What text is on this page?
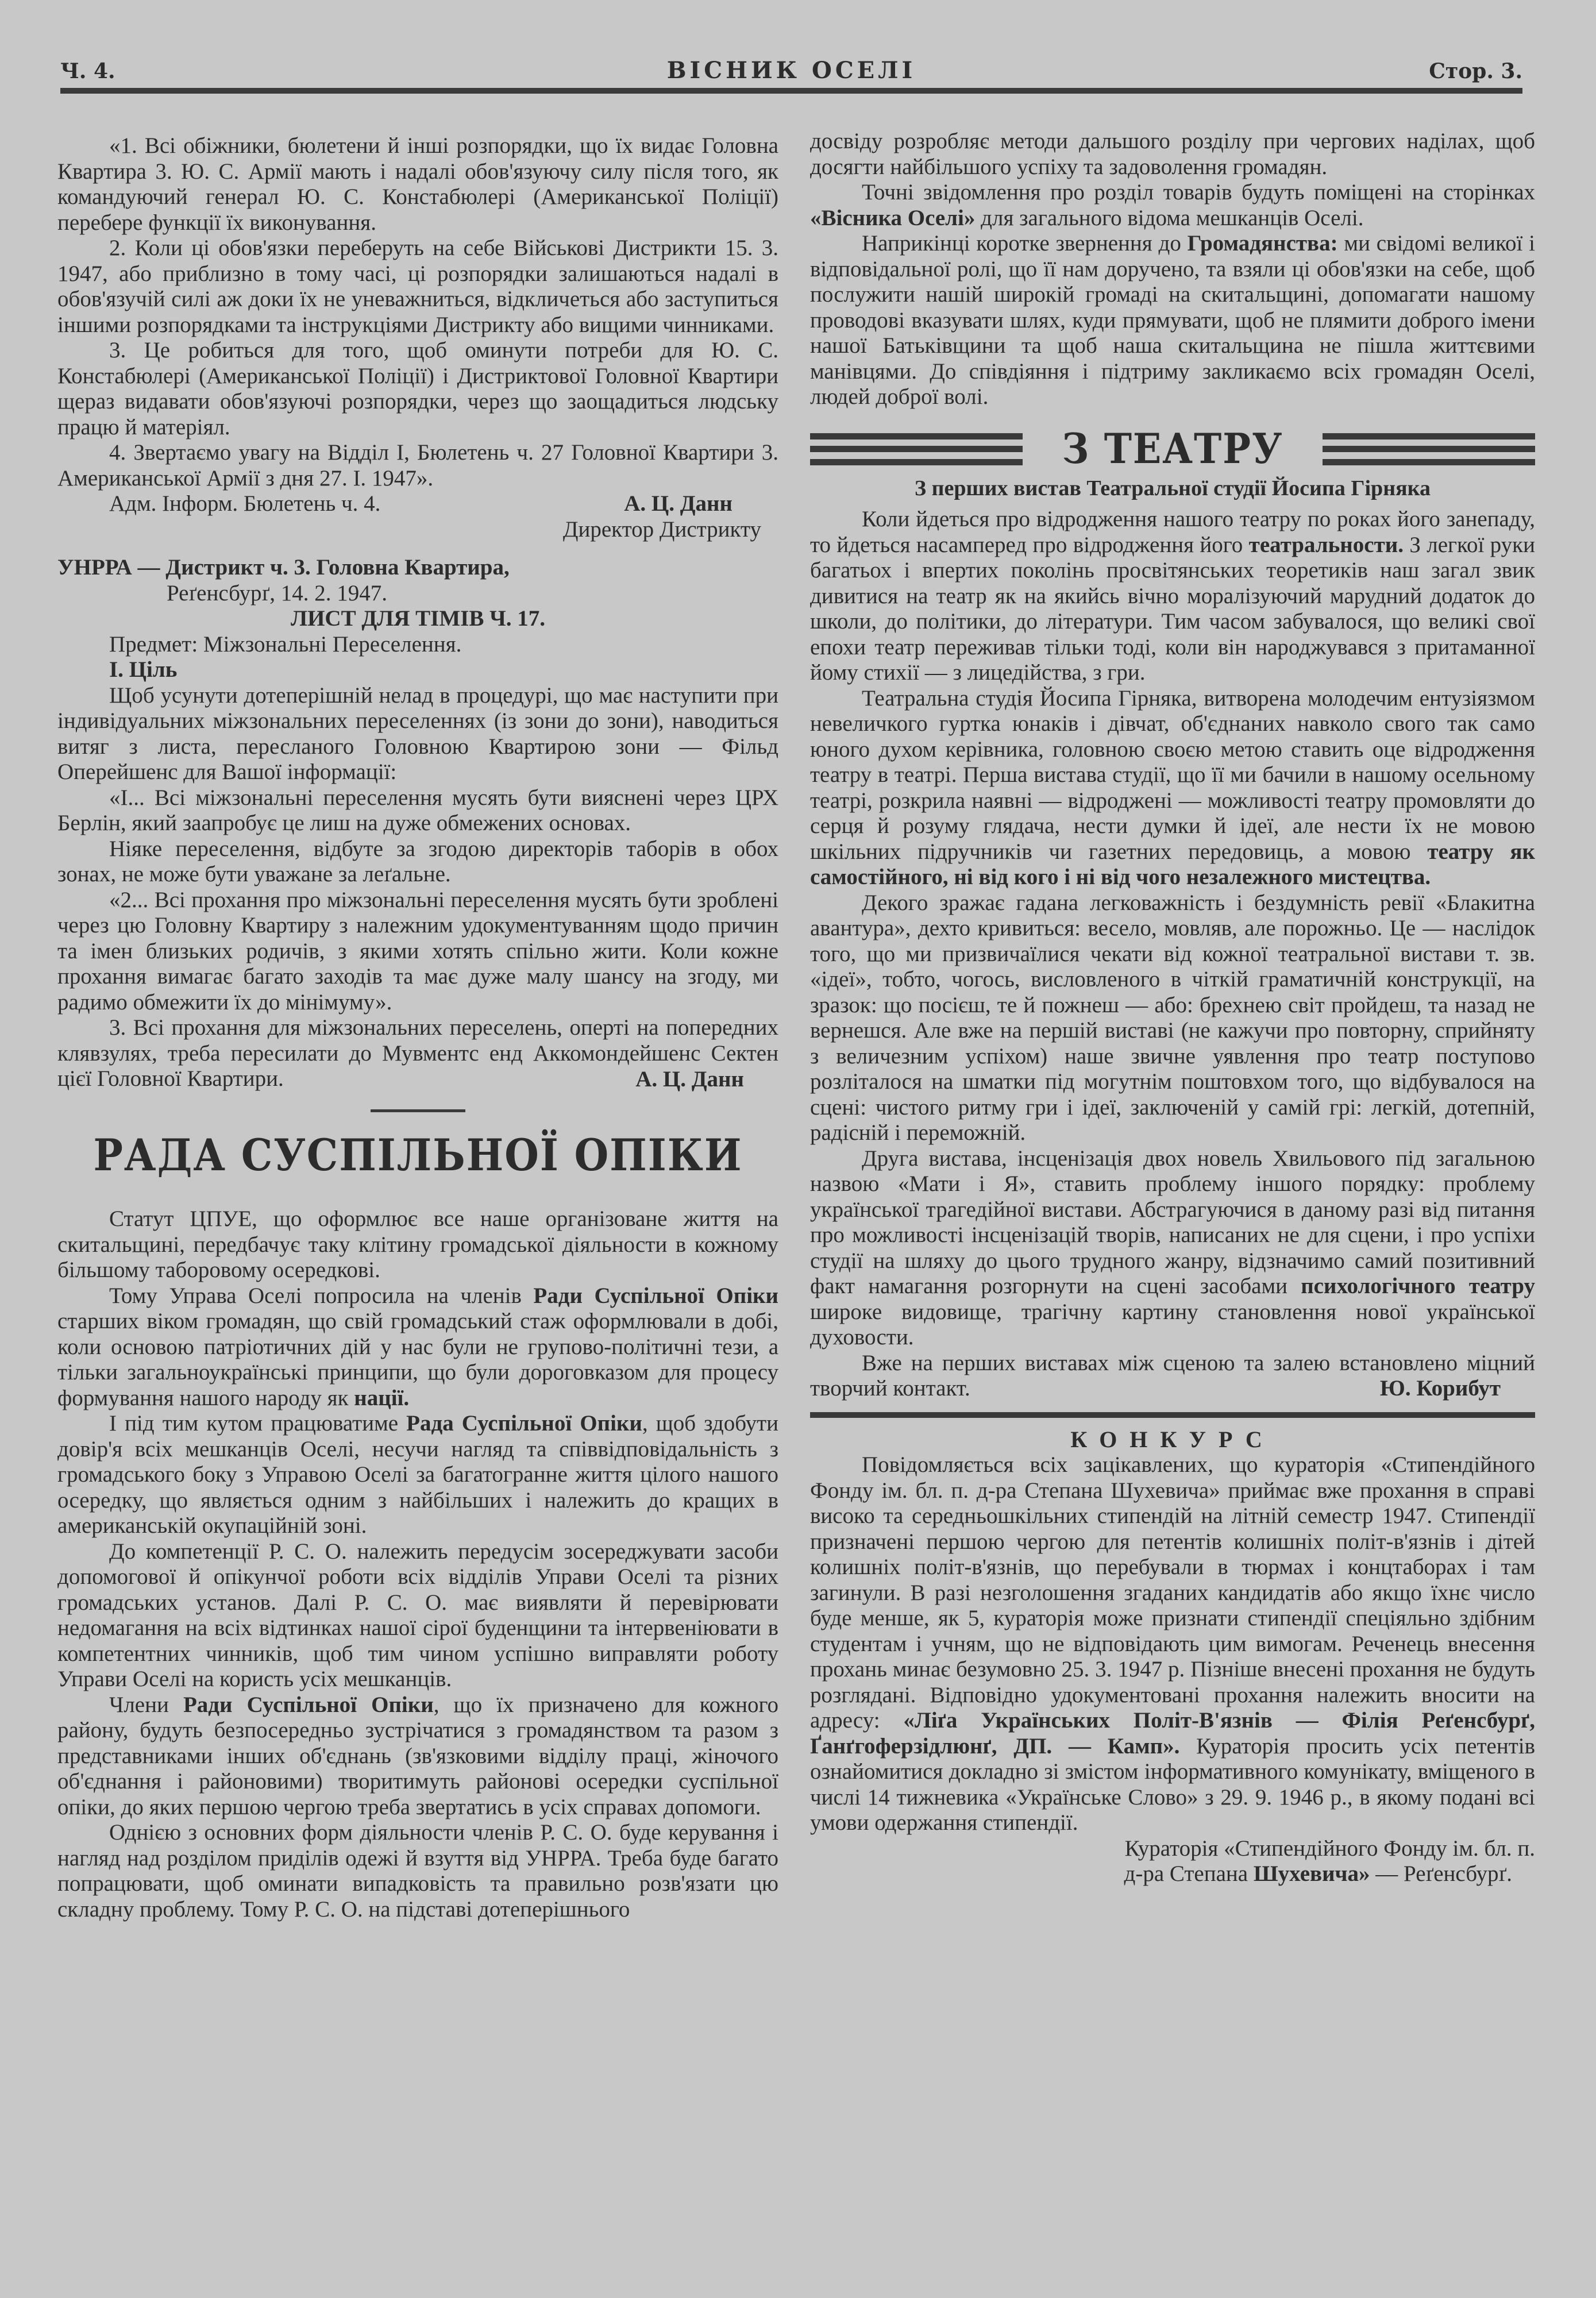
Ч. 4.	ВІСНИК ОСЕЛІ	Стор. 3.

«1. Всі обіжники, бюлетени й інші розпорядки, що їх видає Головна Квартира 3. Ю. С. Армії мають і надалі обов'язуючу силу після того, як командуючий генерал Ю. С. Констабюлері (Американської Поліції) перебере функції їх виконування.

2. Коли ці обов'язки переберуть на себе Військові Дистрикти 15. 3. 1947, або приблизно в тому часі, ці розпорядки залишаються надалі в обов'язучій силі аж доки їх не уневажниться, відкличеться або заступиться іншими розпорядками та інструкціями Дистрикту або вищими чинниками.

3. Це робиться для того, щоб оминути потреби для Ю. С. Констабюлері (Американської Поліції) і Дистриктової Головної Квартири щераз видавати обов'язуючі розпорядки, через що заощадиться людську працю й матеріял.

4. Звертаємо увагу на Відділ І, Бюлетень ч. 27 Головної Квартири 3. Американської Армії з дня 27. І. 1947».

Адм. Інформ. Бюлетень ч. 4.	А. Ц. Данн
Директор Дистрикту
УНРРА — Дистрикт ч. 3. Головна Квартира,
Реґенсбурґ, 14. 2. 1947.
ЛИСТ ДЛЯ ТІМІВ Ч. 17.

Предмет: Міжзональні Переселення.

І. Ціль

Щоб усунути дотеперішній нелад в процедурі, що має наступити при індивідуальних міжзональних переселеннях (із зони до зони), наводиться витяг з листа, пересланого Головною Квартирою зони — Фільд Оперейшенс для Вашої інформації:

«І... Всі міжзональні переселення мусять бути вияснені через ЦРХ Берлін, який заапробує це лиш на дуже обмежених основах.

Ніяке переселення, відбуте за згодою директорів таборів в обох зонах, не може бути уважане за леґальне.

«2... Всі прохання про міжзональні переселення мусять бути зроблені через цю Головну Квартиру з належним удокументуванням щодо причин та імен близьких родичів, з якими хотять спільно жити. Коли кожне прохання вимагає багато заходів та має дуже малу шансу на згоду, ми радимо обмежити їх до мінімуму».

3. Всі прохання для міжзональних переселень, оперті на попередних клявзулях, треба пересилати до Мувментс енд Аккомондейшенс Сектен цієї Головної Квартири.	А. Ц. Данн
РАДА СУСПІЛЬНОЇ ОПІКИ

Статут ЦПУЕ, що оформлює все наше організоване життя на скитальщині, передбачує таку клітину громадської діяльности в кожному більшому таборовому осередкові.

Тому Управа Оселі попросила на членів Ради Суспільної Опіки старших віком громадян, що свій громадський стаж оформлювали в добі, коли основою патріотичних дій у нас були не групово-політичні тези, а тільки загальноукраїнські принципи, що були дороговказом для процесу формування нашого народу як нації.

І під тим кутом працюватиме Рада Суспільної Опіки, щоб здобути довір'я всіх мешканців Оселі, несучи нагляд та співвідповідальність з громадського боку з Управою Оселі за багатогранне життя цілого нашого осередку, що являється одним з найбільших і належить до кращих в американській окупаційній зоні.

До компетенції Р. С. О. належить передусім зосереджувати засоби допомогової й опікунчої роботи всіх відділів Управи Оселі та різних громадських установ. Далі Р. С. О. має виявляти й перевірювати недомагання на всіх відтинках нашої сірої буденщини та інтервеніювати в компетентних чинників, щоб тим чином успішно виправляти роботу Управи Оселі на користь усіх мешканців.

Члени Ради Суспільної Опіки, що їх призначено для кожного району, будуть безпосередньо зустрічатися з громадянством та разом з представниками інших об'єднань (зв'язковими відділу праці, жіночого об'єднання і районовими) творитимуть районові осередки суспільної опіки, до яких першою чергою треба звертатись в усіх справах допомоги.

Однією з основних форм діяльности членів Р. С. О. буде керування і нагляд над розділом приділів одежі й взуття від УНРРА. Треба буде багато попрацювати, щоб оминати випадковість та правильно розв'язати цю складну проблему. Тому Р. С. О. на підставі дотеперішнього

досвіду розробляє методи дальшого розділу при чергових наділах, щоб досягти найбільшого успіху та задоволення громадян.

Точні звідомлення про розділ товарів будуть поміщені на сторінках «Вісника Оселі» для загального відома мешканців Оселі.

Наприкінці коротке звернення до Громадянства: ми свідомі великої і відповідальної ролі, що її нам доручено, та взяли ці обов'язки на себе, щоб послужити нашій широкій громаді на скитальщині, допомагати нашому проводові вказувати шлях, куди прямувати, щоб не плямити доброго імени нашої Батьківщини та щоб наша скитальщина не пішла життєвими манівцями. До співдіяння і підтриму закликаємо всіх громадян Оселі, людей доброї волі.

З ТЕАТРУ
З перших вистав Театральної студії Йосипа Гірняка

Коли йдеться про відродження нашого театру по роках його занепаду, то йдеться насамперед про відродження його театральности. З легкої руки багатьох і впертих поколінь просвітянських теоретиків наш загал звик дивитися на театр як на якийсь вічно моралізуючий марудний додаток до школи, до політики, до літератури. Тим часом забувалося, що великі свої епохи театр переживав тільки тоді, коли він народжувався з притаманної йому стихії — з лицедійства, з гри.

Театральна студія Йосипа Гірняка, витворена молодечим ентузіязмом невеличкого гуртка юнаків і дівчат, об'єднаних навколо свого так само юного духом керівника, головною своєю метою ставить оце відродження театру в театрі. Перша вистава студії, що її ми бачили в нашому осельному театрі, розкрила наявні — відроджені — можливості театру промовляти до серця й розуму глядача, нести думки й ідеї, але нести їх не мовою шкільних підручників чи газетних передовиць, а мовою театру як самостійного, ні від кого і ні від чого незалежного мистецтва.

Декого зражає гадана легковажність і бездумність ревії «Блакитна авантура», дехто кривиться: весело, мовляв, але порожньо. Це — наслідок того, що ми призвичаїлися чекати від кожної театральної вистави т. зв. «ідеї», тобто, чогось, висловленого в чіткій граматичній конструкції, на зразок: що посієш, те й пожнеш — або: брехнею світ пройдеш, та назад не вернешся. Але вже на першій виставі (не кажучи про повторну, сприйняту з величезним успіхом) наше звичне уявлення про театр поступово розліталося на шматки під могутнім поштовхом того, що відбувалося на сцені: чистого ритму гри і ідеї, заключеній у самій грі: легкій, дотепній, радісній і переможній.

Друга вистава, інсценізація двох новель Хвильового під загальною назвою «Мати і Я», ставить проблему іншого порядку: проблему української трагедійної вистави. Абстрагуючися в даному разі від питання про можливості інсценізацій творів, написаних не для сцени, і про успіхи студії на шляху до цього трудного жанру, відзначимо самий позитивний факт намагання розгорнути на сцені засобами психологічного театру широке видовище, трагічну картину становлення нової української духовости.

Вже на перших виставах між сценою та залею встановлено міцний творчий контакт.	Ю. Корибут

КОНКУРС

Повідомляється всіх зацікавлених, що кураторія «Стипендійного Фонду ім. бл. п. д-ра Степана Шухевича» приймає вже прохання в справі високо та середньошкільних стипендій на літній семестр 1947. Стипендії призначені першою чергою для петентів колишніх політ-в'язнів і дітей колишніх політ-в'язнів, що перебували в тюрмах і концтаборах і там загинули. В разі незголошення згаданих кандидатів або якщо їхнє число буде менше, як 5, кураторія може признати стипендії спеціяльно здібним студентам і учням, що не відповідають цим вимогам. Реченець внесення прохань минає безумовно 25. 3. 1947 р. Пізніше внесені прохання не будуть розглядані. Відповідно удокументовані прохання належить вносити на адресу: «Ліґа Українських Політ-В'язнів — Філія Реґенсбурґ, Ґанґгоферзідлюнґ, ДП. — Камп». Кураторія просить усіх петентів ознайомитися докладно зі змістом інформативного комунікату, вміщеного в числі 14 тижневика «Українське Слово» з 29. 9. 1946 р., в якому подані всі умови одержання стипендії.

Кураторія «Стипендійного Фонду ім. бл. п.
д-ра Степана Шухевича» — Реґенсбурґ.
